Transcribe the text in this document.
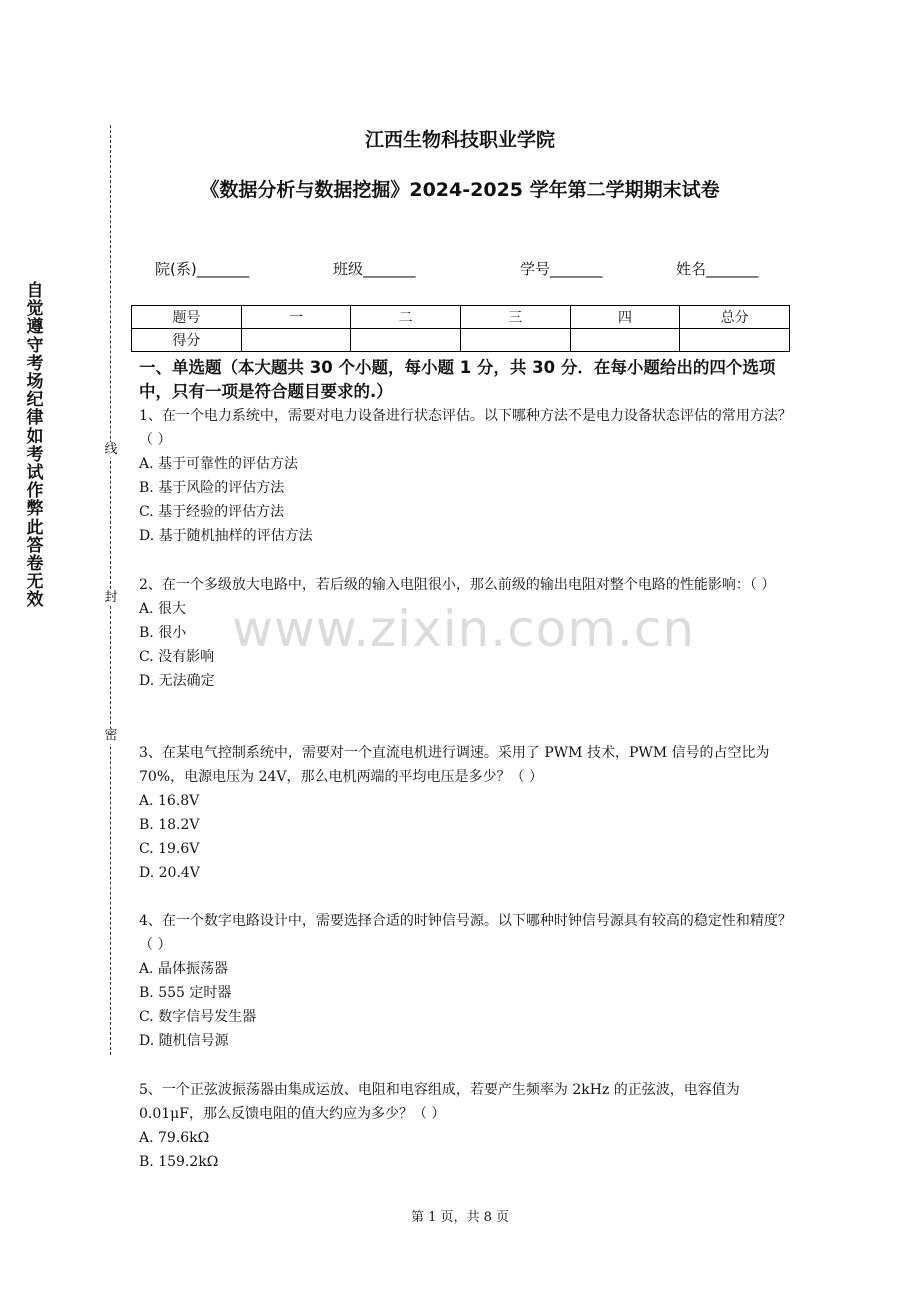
自觉遵守考场纪律如考试作弊此答卷无效
线
封
密
www.zixin.com.cn
江西生物科技职业学院
《数据分析与数据挖掘》2024-2025 学年第二学期期末试卷
院(系)_______	班级_______	学号_______	姓名_______
题号	一	二	三	四	总分
得分					
一、单选题（本大题共 30 个小题，每小题 1 分，共 30 分．在每小题给出的四个选项中，只有一项是符合题目要求的.）

1、在一个电力系统中，需要对电力设备进行状态评估。以下哪种方法不是电力设备状态评估的常用方法？（ ）

A. 基于可靠性的评估方法

B. 基于风险的评估方法

C. 基于经验的评估方法

D. 基于随机抽样的评估方法

2、在一个多级放大电路中，若后级的输入电阻很小，那么前级的输出电阻对整个电路的性能影响：（ ）

A. 很大

B. 很小

C. 没有影响

D. 无法确定

3、在某电气控制系统中，需要对一个直流电机进行调速。采用了 PWM 技术，PWM 信号的占空比为 70%，电源电压为 24V，那么电机两端的平均电压是多少？（ ）

A. 16.8V

B. 18.2V

C. 19.6V

D. 20.4V

4、在一个数字电路设计中，需要选择合适的时钟信号源。以下哪种时钟信号源具有较高的稳定性和精度？（ ）

A. 晶体振荡器

B. 555 定时器

C. 数字信号发生器

D. 随机信号源

5、一个正弦波振荡器由集成运放、电阻和电容组成，若要产生频率为 2kHz 的正弦波，电容值为 0.01μF，那么反馈电阻的值大约应为多少？（ ）

A. 79.6kΩ

B. 159.2kΩ

第 1 页，共 8 页
